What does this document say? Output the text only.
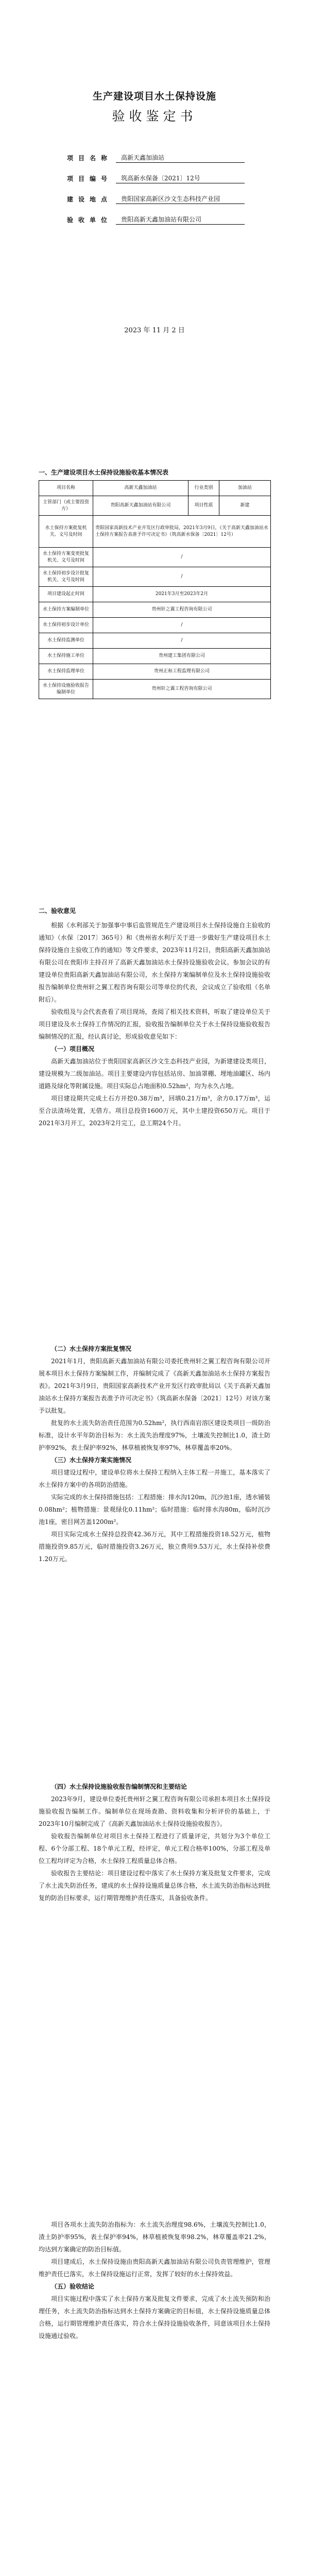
生产建设项目水土保持设施
验收鉴定书
项目名称	高新天鑫加油站
项目编号	筑高新水保备〔2021〕12号
建设地点	贵阳国家高新区沙文生态科技产业园
验收单位	贵阳高新天鑫加油站有限公司
2023 年 11 月 2 日
一、生产建设项目水土保持设施验收基本情况表
项目名称	高新天鑫加油站	行业类别	加油站
主管部门（或主要投资方）	贵阳高新天鑫加油站有限公司	项目性质	新建
水土保持方案批复机关、文号及时间	贵阳国家高新技术产业开发区行政审批局，2021年3月9日，《关于高新天鑫加油站水土保持方案报告表准予许可决定书》（筑高新水保备〔2021〕12号）		
水土保持方案变更批复机关、文号及时间	/		
水土保持初步设计批复机关、文号及时间	/		
项目建设起止时间	2021年3月至2023年2月		
水土保持方案编制单位	贵州轩之翼工程咨询有限公司		
水土保持初步设计单位	/		
水土保持监测单位	/		
水土保持施工单位	贵州建工集团有限公司		
水土保持监理单位	贵州正和工程监理有限公司		
水土保持设施验收报告编制单位	贵州轩之翼工程咨询有限公司		

二、验收意见

根据《水利部关于加强事中事后监管规范生产建设项目水土保持设施自主验收的通知》（水保〔2017〕365号）和《贵州省水利厅关于进一步做好生产建设项目水土保持设施自主验收工作的通知》等文件要求，2023年11月2日，贵阳高新天鑫加油站有限公司在贵阳市主持召开了高新天鑫加油站水土保持设施验收会议。参加会议的有建设单位贵阳高新天鑫加油站有限公司，水土保持方案编制单位及水土保持设施验收报告编制单位贵州轩之翼工程咨询有限公司等单位的代表，会议成立了验收组（名单附后）。

验收组及与会代表查看了项目现场，查阅了相关技术资料，听取了建设单位关于项目建设及水土保持工作情况的汇报，验收报告编制单位关于水土保持设施验收报告编制情况的汇报，经认真讨论，形成验收意见如下：

（一）项目概况

高新天鑫加油站位于贵阳国家高新区沙文生态科技产业园，为新建建设类项目，建设规模为二级加油站。项目主要建设内容包括站房、加油罩棚、埋地油罐区、场内道路及绿化等附属设施。项目实际总占地面积0.52hm²，均为永久占地。

项目建设期共完成土石方开挖0.38万m³，回填0.21万m³，余方0.17万m³，运至合法渣场处置，无借方。项目总投资1600万元，其中土建投资650万元。项目于2021年3月开工，2023年2月完工，总工期24个月。

（二）水土保持方案批复情况

2021年1月，贵阳高新天鑫加油站有限公司委托贵州轩之翼工程咨询有限公司开展本项目水土保持方案编制工作，并编制完成了《高新天鑫加油站水土保持方案报告表》。2021年3月9日，贵阳国家高新技术产业开发区行政审批局以《关于高新天鑫加油站水土保持方案报告表准予许可决定书》（筑高新水保备〔2021〕12号）对该方案予以批复。

批复的水土流失防治责任范围为0.52hm²，执行西南岩溶区建设类项目一级防治标准，设计水平年防治目标为：水土流失治理度97%，土壤流失控制比1.0，渣土防护率92%，表土保护率92%，林草植被恢复率97%，林草覆盖率20%。

（三）水土保持方案实施情况

项目建设过程中，建设单位将水土保持工程纳入主体工程一并施工，基本落实了水土保持方案中的各项防治措施。

实际完成的水土保持措施包括：工程措施：排水沟120m，沉沙池1座，透水铺装0.08hm²；植物措施：景观绿化0.11hm²；临时措施：临时排水沟80m，临时沉沙池1座，密目网苫盖1200m²。

项目实际完成水土保持总投资42.36万元，其中工程措施投资18.52万元，植物措施投资9.85万元，临时措施投资3.26万元，独立费用9.53万元，水土保持补偿费1.20万元。

（四）水土保持设施验收报告编制情况和主要结论

2023年9月，建设单位委托贵州轩之翼工程咨询有限公司承担本项目水土保持设施验收报告编制工作。编制单位在现场查勘、资料收集和分析评价的基础上，于2023年10月编制完成了《高新天鑫加油站水土保持设施验收报告》。

验收报告编制单位对项目水土保持工程进行了质量评定，共划分为3个单位工程、6个分部工程、18个单元工程，经评定，单元工程合格率100%，分部工程及单位工程均评定为合格，水土保持工程质量总体合格。

验收报告主要结论：项目建设过程中落实了水土保持方案及批复文件要求，完成了水土流失防治任务，建成的水土保持设施质量总体合格，水土流失防治指标达到批复的防治目标要求，运行期管理维护责任落实，具备验收条件。

项目各项水土流失防治指标为：水土流失治理度98.6%，土壤流失控制比1.0，渣土防护率95%，表土保护率94%，林草植被恢复率98.2%，林草覆盖率21.2%，均达到方案确定的防治目标值。

项目建成后，水土保持设施由贵阳高新天鑫加油站有限公司负责管理维护，管理维护责任已落实，水土保持设施运行正常，发挥了较好的水土保持效益。

（五）验收结论

项目实施过程中落实了水土保持方案及批复文件要求，完成了水土流失预防和治理任务，水土流失防治指标达到水土保持方案确定的目标值，水土保持设施质量总体合格，运行期管理维护责任落实，符合水土保持设施验收条件，同意该项目水土保持设施通过验收。
